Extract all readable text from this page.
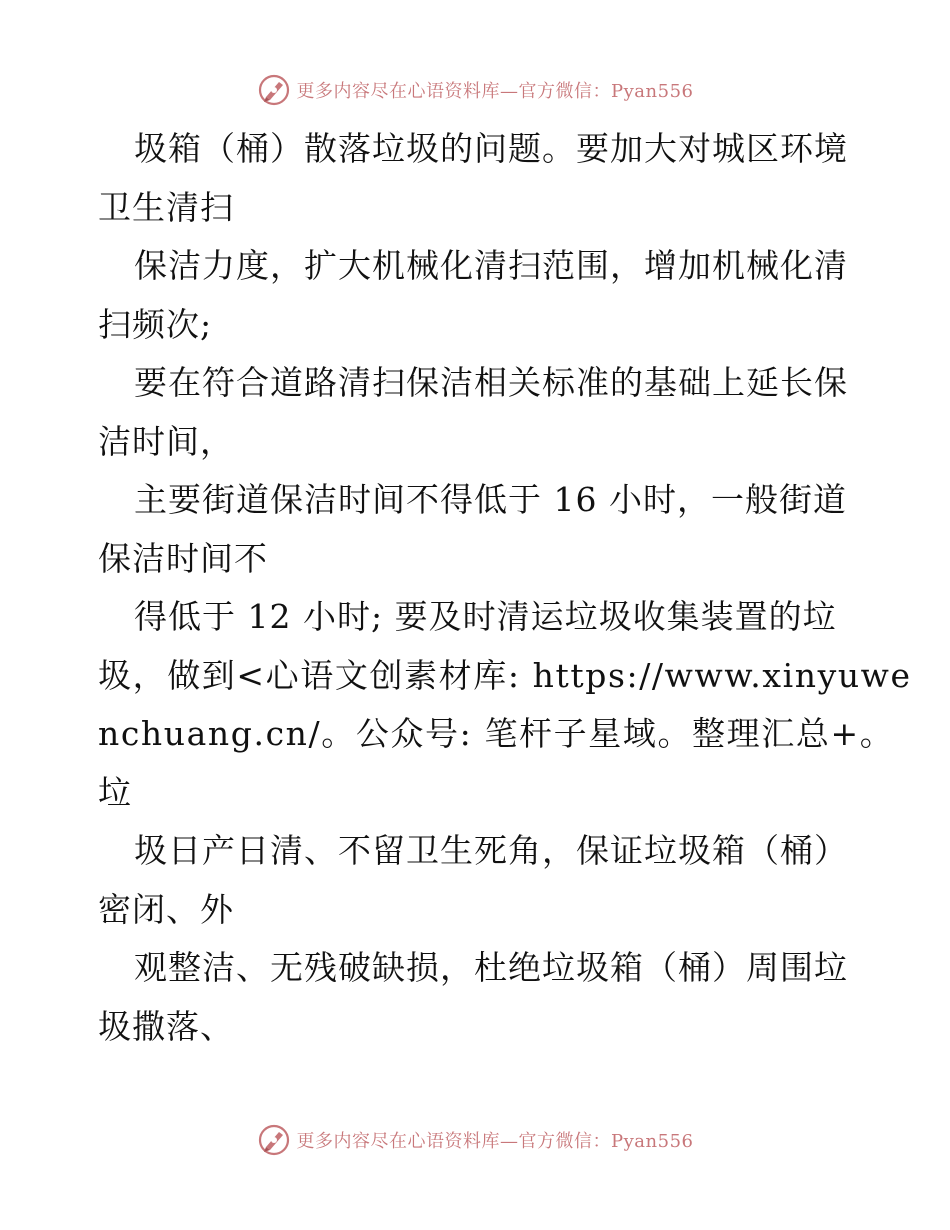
更多内容尽在心语资料库—官方微信：Pyan556
圾箱（桶）散落垃圾的问题。要加大对城区环境
卫生清扫
保洁力度，扩大机械化清扫范围，增加机械化清
扫频次;
要在符合道路清扫保洁相关标准的基础上延长保
洁时间，
主要街道保洁时间不得低于 16 小时，一般街道
保洁时间不
得低于 12 小时; 要及时清运垃圾收集装置的垃
圾，做到<心语文创素材库: https://www.xinyuwe
nchuang.cn/。公众号: 笔杆子星域。整理汇总+。
垃
圾日产日清、不留卫生死角，保证垃圾箱（桶）
密闭、外
观整洁、无残破缺损，杜绝垃圾箱（桶）周围垃
圾撒落、
更多内容尽在心语资料库—官方微信：Pyan556
